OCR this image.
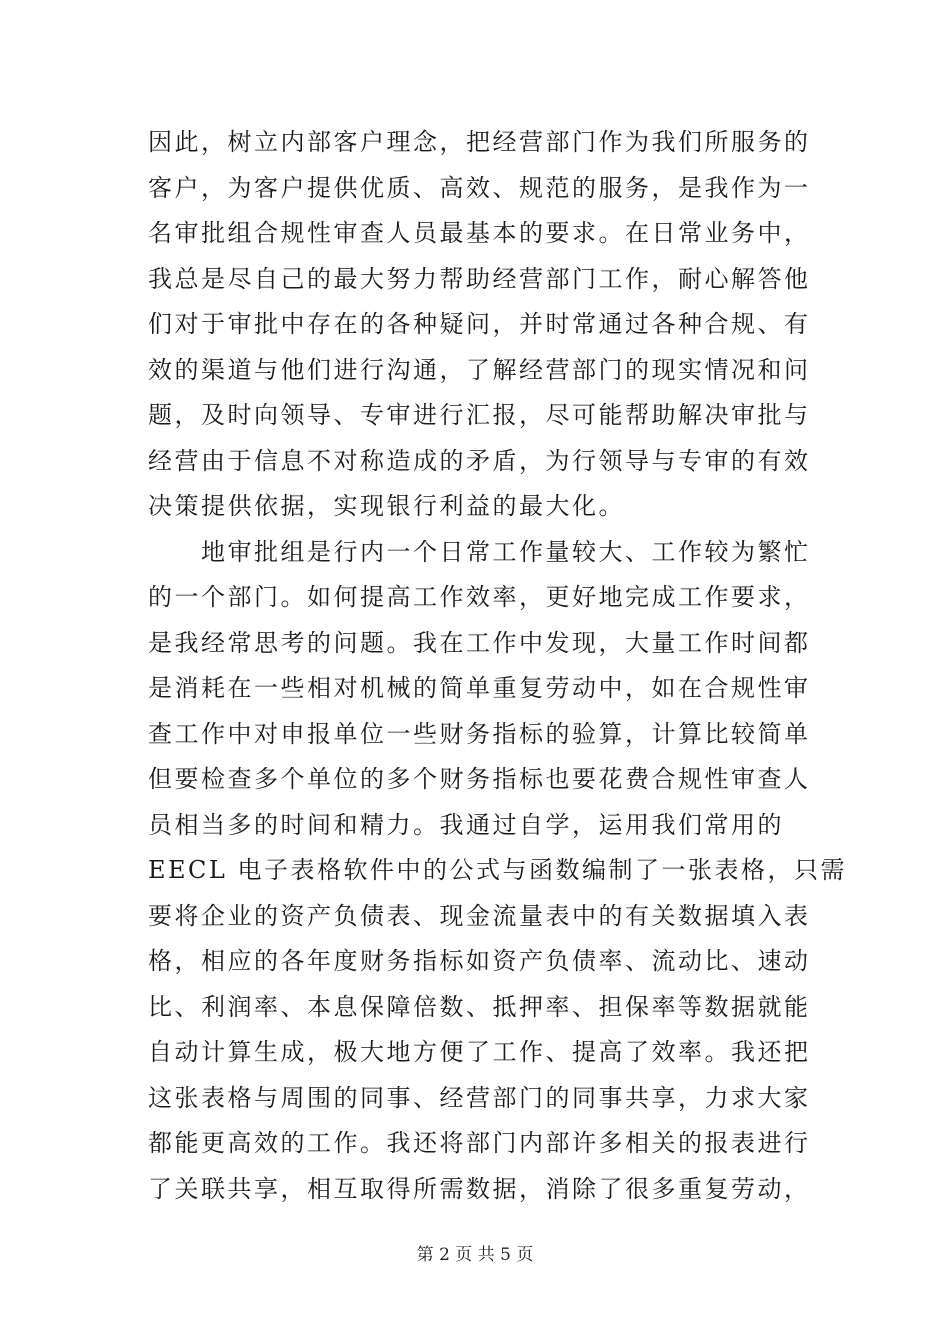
因此，树立内部客户理念，把经营部门作为我们所服务的
客户，为客户提供优质、高效、规范的服务，是我作为一
名审批组合规性审查人员最基本的要求。在日常业务中，
我总是尽自己的最大努力帮助经营部门工作，耐心解答他
们对于审批中存在的各种疑问，并时常通过各种合规、有
效的渠道与他们进行沟通，了解经营部门的现实情况和问
题，及时向领导、专审进行汇报，尽可能帮助解决审批与
经营由于信息不对称造成的矛盾，为行领导与专审的有效
决策提供依据，实现银行利益的最大化。
　　地审批组是行内一个日常工作量较大、工作较为繁忙
的一个部门。如何提高工作效率，更好地完成工作要求，
是我经常思考的问题。我在工作中发现，大量工作时间都
是消耗在一些相对机械的简单重复劳动中，如在合规性审
查工作中对申报单位一些财务指标的验算，计算比较简单
但要检查多个单位的多个财务指标也要花费合规性审查人
员相当多的时间和精力。我通过自学，运用我们常用的
EECL 电子表格软件中的公式与函数编制了一张表格，只需
要将企业的资产负债表、现金流量表中的有关数据填入表
格，相应的各年度财务指标如资产负债率、流动比、速动
比、利润率、本息保障倍数、抵押率、担保率等数据就能
自动计算生成，极大地方便了工作、提高了效率。我还把
这张表格与周围的同事、经营部门的同事共享，力求大家
都能更高效的工作。我还将部门内部许多相关的报表进行
了关联共享，相互取得所需数据，消除了很多重复劳动，
第 2 页 共 5 页
